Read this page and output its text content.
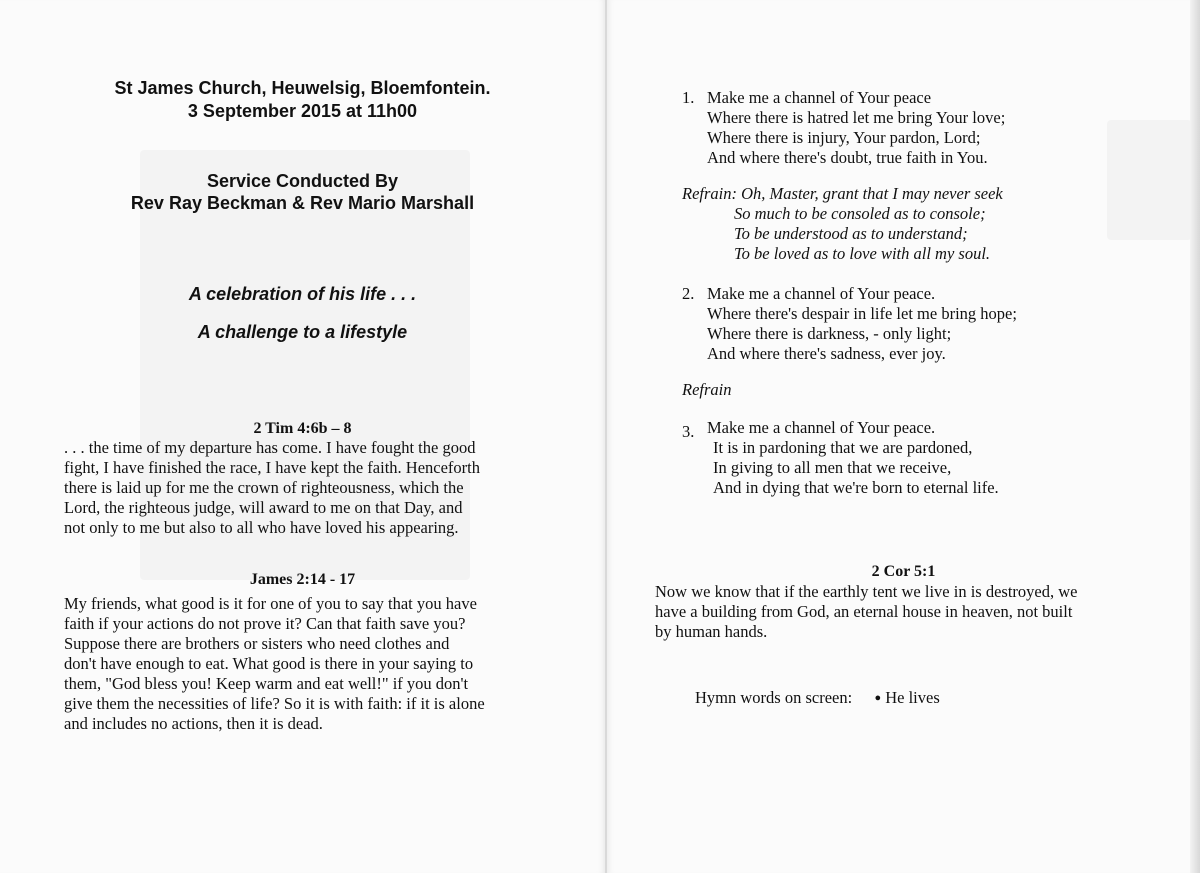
St James Church, Heuwelsig, Bloemfontein.
3 September 2015 at 11h00
Service Conducted By
Rev Ray Beckman & Rev Mario Marshall
A celebration of his life . . .
A challenge to a lifestyle
2 Tim 4:6b – 8
. . . the time of my departure has come. I have fought the good
fight, I have finished the race, I have kept the faith. Henceforth
there is laid up for me the crown of righteousness, which the
Lord, the righteous judge, will award to me on that Day, and
not only to me but also to all who have loved his appearing.
James 2:14 - 17
My friends, what good is it for one of you to say that you have
faith if your actions do not prove it? Can that faith save you?
Suppose there are brothers or sisters who need clothes and
don't have enough to eat. What good is there in your saying to
them, "God bless you! Keep warm and eat well!" if you don't
give them the necessities of life? So it is with faith: if it is alone
and includes no actions, then it is dead.
1. Make me a channel of Your peace
Where there is hatred let me bring Your love;
Where there is injury, Your pardon, Lord;
And where there's doubt, true faith in You.
Refrain: Oh, Master, grant that I may never seek
So much to be consoled as to console;
To be understood as to understand;
To be loved as to love with all my soul.
2. Make me a channel of Your peace.
Where there's despair in life let me bring hope;
Where there is darkness, - only light;
And where there's sadness, ever joy.
Refrain
3. Make me a channel of Your peace.
It is in pardoning that we are pardoned,
In giving to all men that we receive,
And in dying that we're born to eternal life.
2 Cor 5:1
Now we know that if the earthly tent we live in is destroyed, we
have a building from God, an eternal house in heaven, not built
by human hands.
Hymn words on screen: ● He lives
